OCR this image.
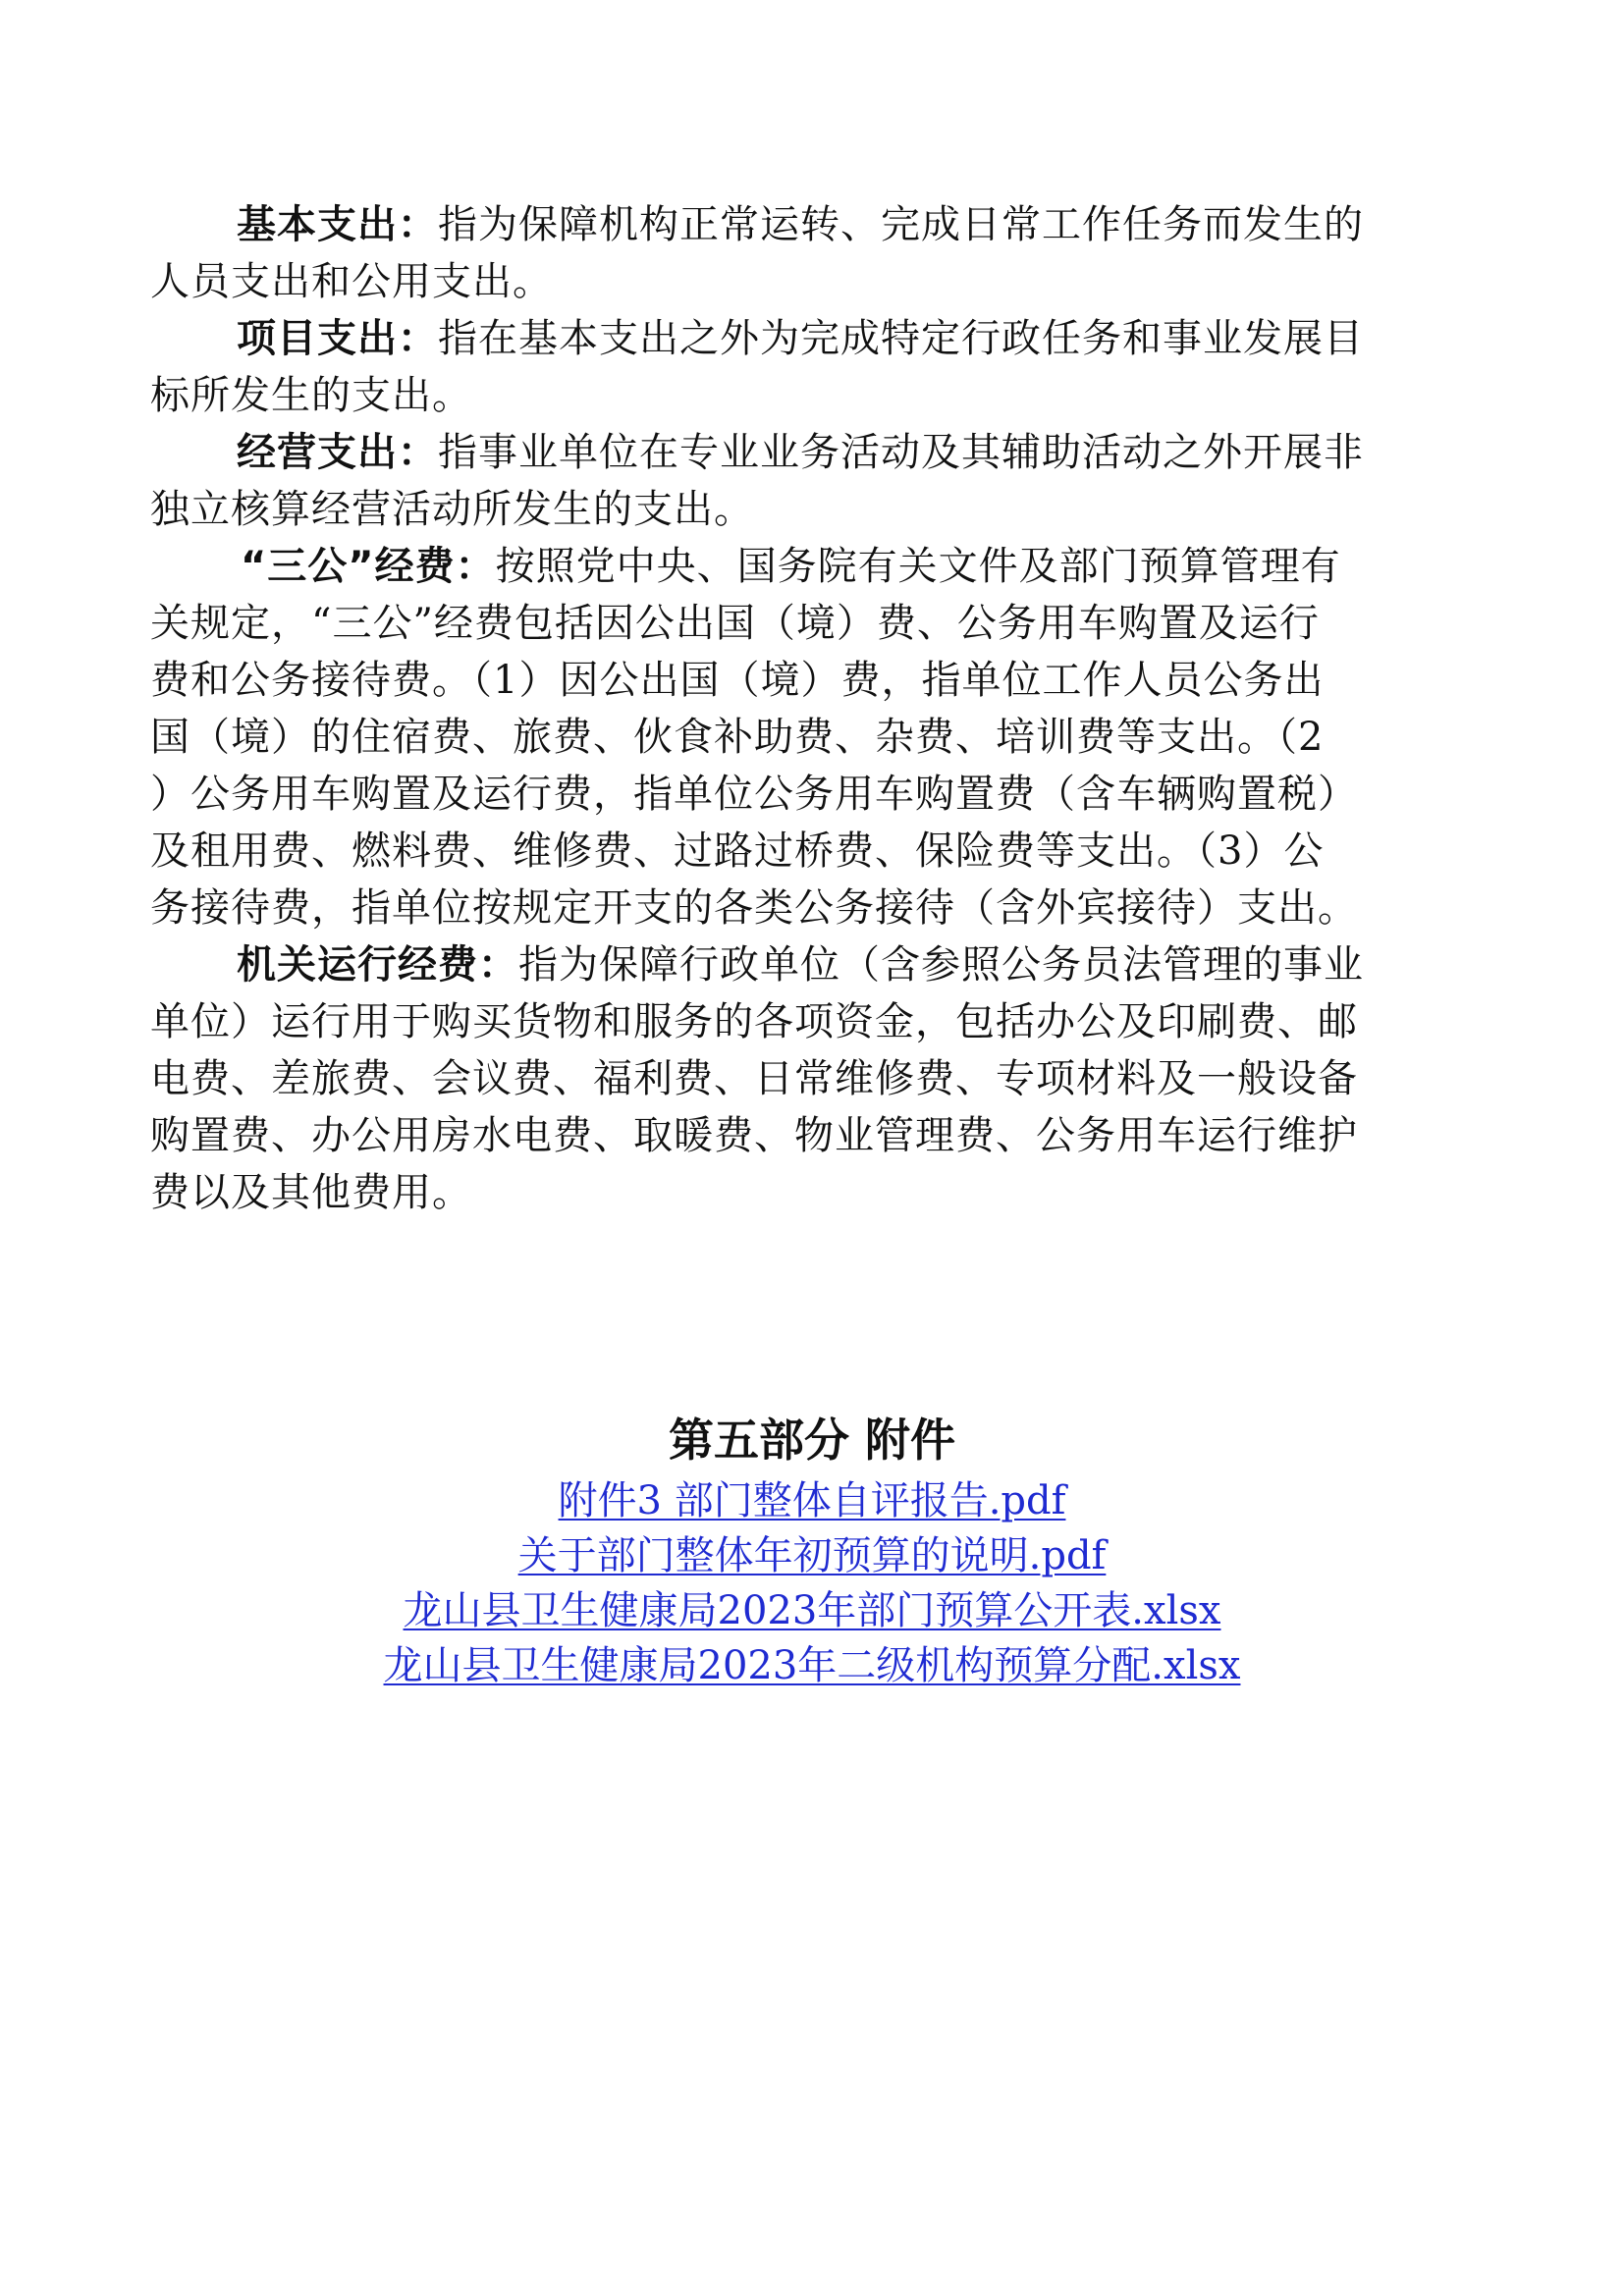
基本支出：指为保障机构正常运转、完成日常工作任务而发生的
人员支出和公用支出。
项目支出：指在基本支出之外为完成特定行政任务和事业发展目
标所发生的支出。
经营支出：指事业单位在专业业务活动及其辅助活动之外开展非
独立核算经营活动所发生的支出。
“三公”经费：按照党中央、国务院有关文件及部门预算管理有
关规定，“三公”经费包括因公出国（境）费、公务用车购置及运行
费和公务接待费。（1）因公出国（境）费，指单位工作人员公务出
国（境）的住宿费、旅费、伙食补助费、杂费、培训费等支出。（2
）公务用车购置及运行费，指单位公务用车购置费（含车辆购置税）
及租用费、燃料费、维修费、过路过桥费、保险费等支出。（3）公
务接待费，指单位按规定开支的各类公务接待（含外宾接待）支出。
机关运行经费：指为保障行政单位（含参照公务员法管理的事业
单位）运行用于购买货物和服务的各项资金，包括办公及印刷费、邮
电费、差旅费、会议费、福利费、日常维修费、专项材料及一般设备
购置费、办公用房水电费、取暖费、物业管理费、公务用车运行维护
费以及其他费用。
第五部分 附件
附件3 部门整体自评报告.pdf
关于部门整体年初预算的说明.pdf
龙山县卫生健康局2023年部门预算公开表.xlsx
龙山县卫生健康局2023年二级机构预算分配.xlsx
